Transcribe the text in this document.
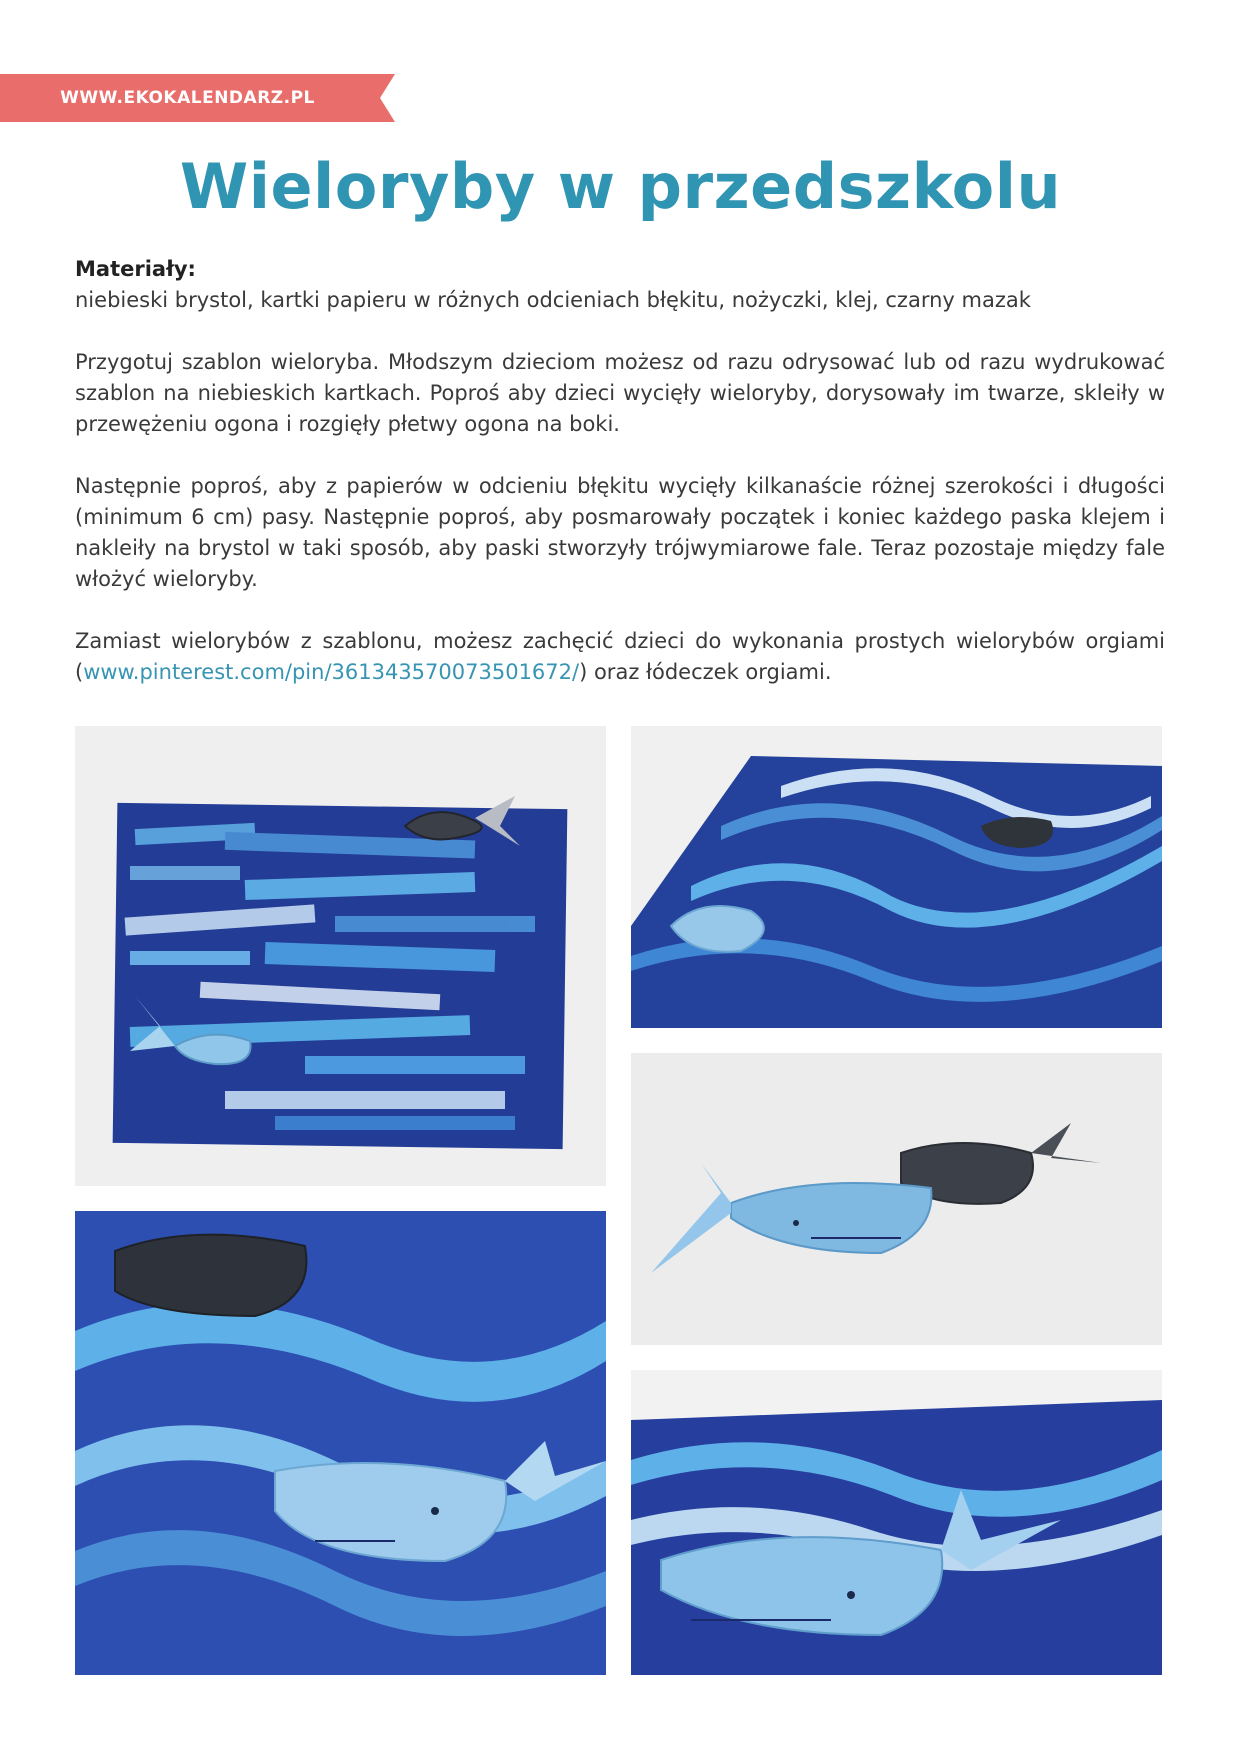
WWW.EKOKALENDARZ.PL
Wieloryby w przedszkolu

Materiały:

niebieski brystol, kartki papieru w różnych odcieniach błękitu, nożyczki, klej, czarny mazak

Przygotuj szablon wieloryba. Młodszym dzieciom możesz od razu odrysować lub od razu wydrukować szablon na niebieskich kartkach. Poproś aby dzieci wycięły wieloryby, dorysowały im twarze, skleiły w przewężeniu ogona i rozgięły płetwy ogona na boki.

Następnie poproś, aby z papierów w odcieniu błękitu wycięły kilkanaście różnej szerokości i długości (minimum 6 cm) pasy. Następnie poproś, aby posmarowały początek i koniec każdego paska klejem i nakleiły na brystol w taki sposób, aby paski stworzyły trójwymiarowe fale. Teraz pozostaje między fale włożyć wieloryby.

Zamiast wielorybów z szablonu, możesz zachęcić dzieci do wykonania prostych wielorybów orgiami (www.pinterest.com/pin/361343570073501672/) oraz łódeczek orgiami.
